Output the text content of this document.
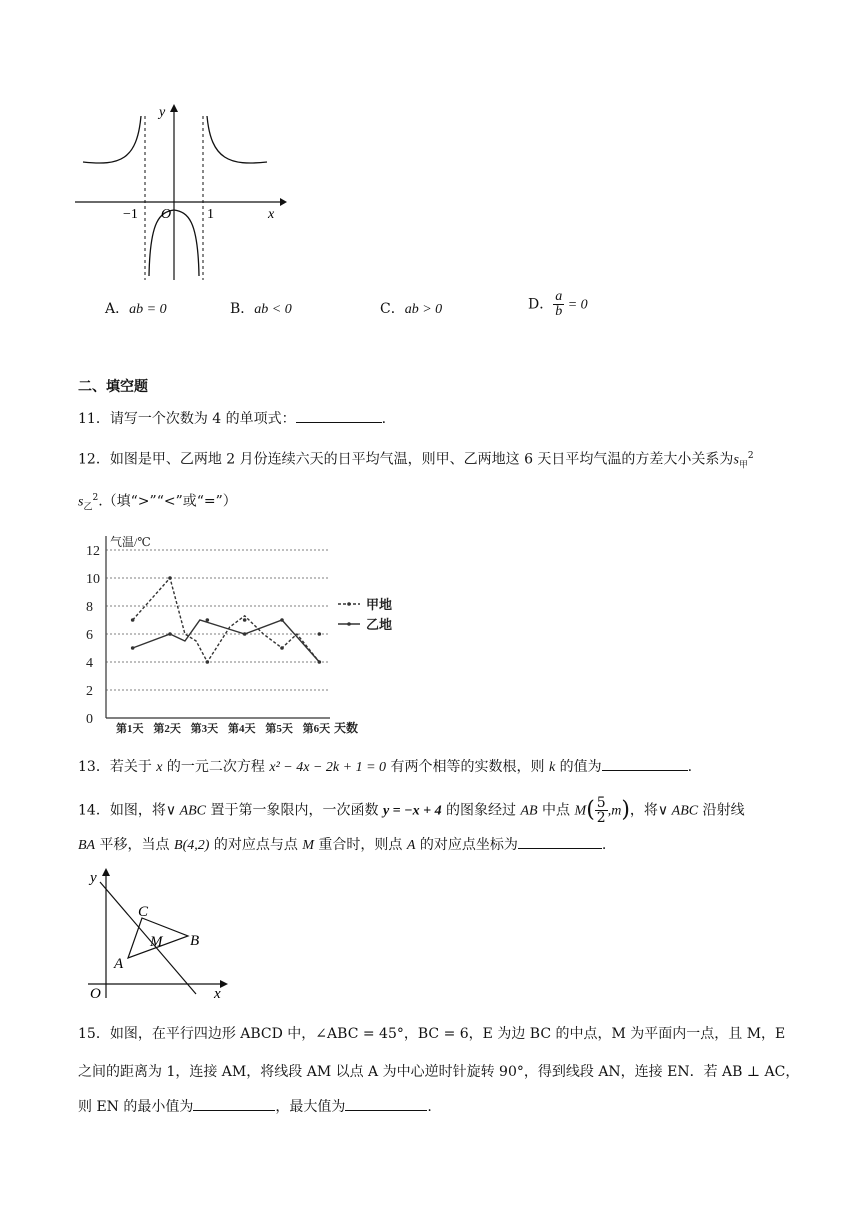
y
x
−1 O	1
A．ab = 0	B．ab < 0	C．ab > 0	D． $\frac{a}{b} = 0$
二、填空题
11．请写一个次数为 4 的单项式：	.
12．如图是甲、乙两地 2 月份连续六天的日平均气温，则甲、乙两地这 6 天日平均气温的方差大小关系为$s_甲^2$
$s_乙^2$.（填“>”“<”或“=”）
0
2
4
6
8
10
12
气温/℃
第1天 第2天 第3天 第4天 第5天 第6天 天数
甲地
乙地
13．若关于 x 的一元二次方程 x² − 4x − 2k + 1 = 0 有两个相等的实数根，则 k 的值为	.
14．如图，将∨ ABC 置于第一象限内，一次函数 y = −x + 4 的图象经过 AB 中点 $M( \frac{5}{2} ,m)$，将∨ ABC 沿射线
BA 平移，当点 B(4,2) 的对应点与点 M 重合时，则点 A 的对应点坐标为	.
y
x
O
C
M B
A
15．如图，在平行四边形 ABCD 中，∠ABC = 45°，BC = 6，E 为边 BC 的中点，M 为平面内一点，且 M，E
之间的距离为 1，连接 AM，将线段 AM 以点 A 为中心逆时针旋转 90°，得到线段 AN，连接 EN．若 AB ⊥ AC，
则 EN 的最小值为	，最大值为	.
